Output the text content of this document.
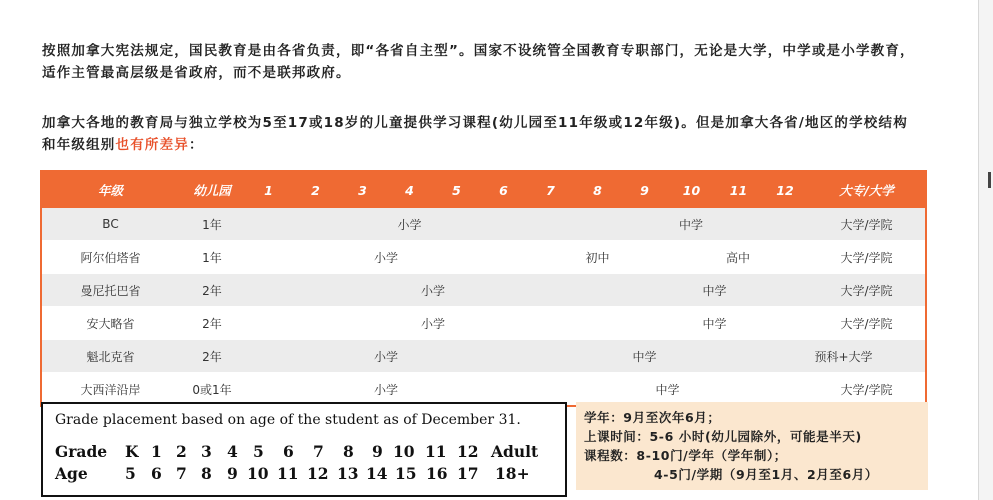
按照加拿大宪法规定，国民教育是由各省负责，即“各省自主型”。国家不设统管全国教育专职部门，无论是大学，中学或是小学教育，适作主管最高层级是省政府，而不是联邦政府。
加拿大各地的教育局与独立学校为5至17或18岁的儿童提供学习课程(幼儿园至11年级或12年级)。但是加拿大各省/地区的学校结构和年级组别也有所差异：
年级	幼儿园	1	2	3	4	5	6	7	8	9	10	11	12	大专/大学
BC	1年	小学							中学					大学/学院
阿尔伯塔省	1年	小学						初中			高中			大学/学院
曼尼托巴省	2年	小学								中学				大学/学院
安大略省	2年	小学								中学				大学/学院
魁北克省	2年	小学						中学					预科+大学	
大西洋沿岸	0或1年	小学						中学						大学/学院
Grade placement based on age of the student as of December 31.
Grade K 1 2 3 4 5 6 7 8 9 10 11 12 Adult
Age 5 6 7 8 9 10 11 12 13 14 15 16 17 18+
学年：9月至次年6月；
上课时间：5-6 小时(幼儿园除外，可能是半天)
课程数：8-10门/学年（学年制）；
4-5门/学期（9月至1月、2月至6月）
